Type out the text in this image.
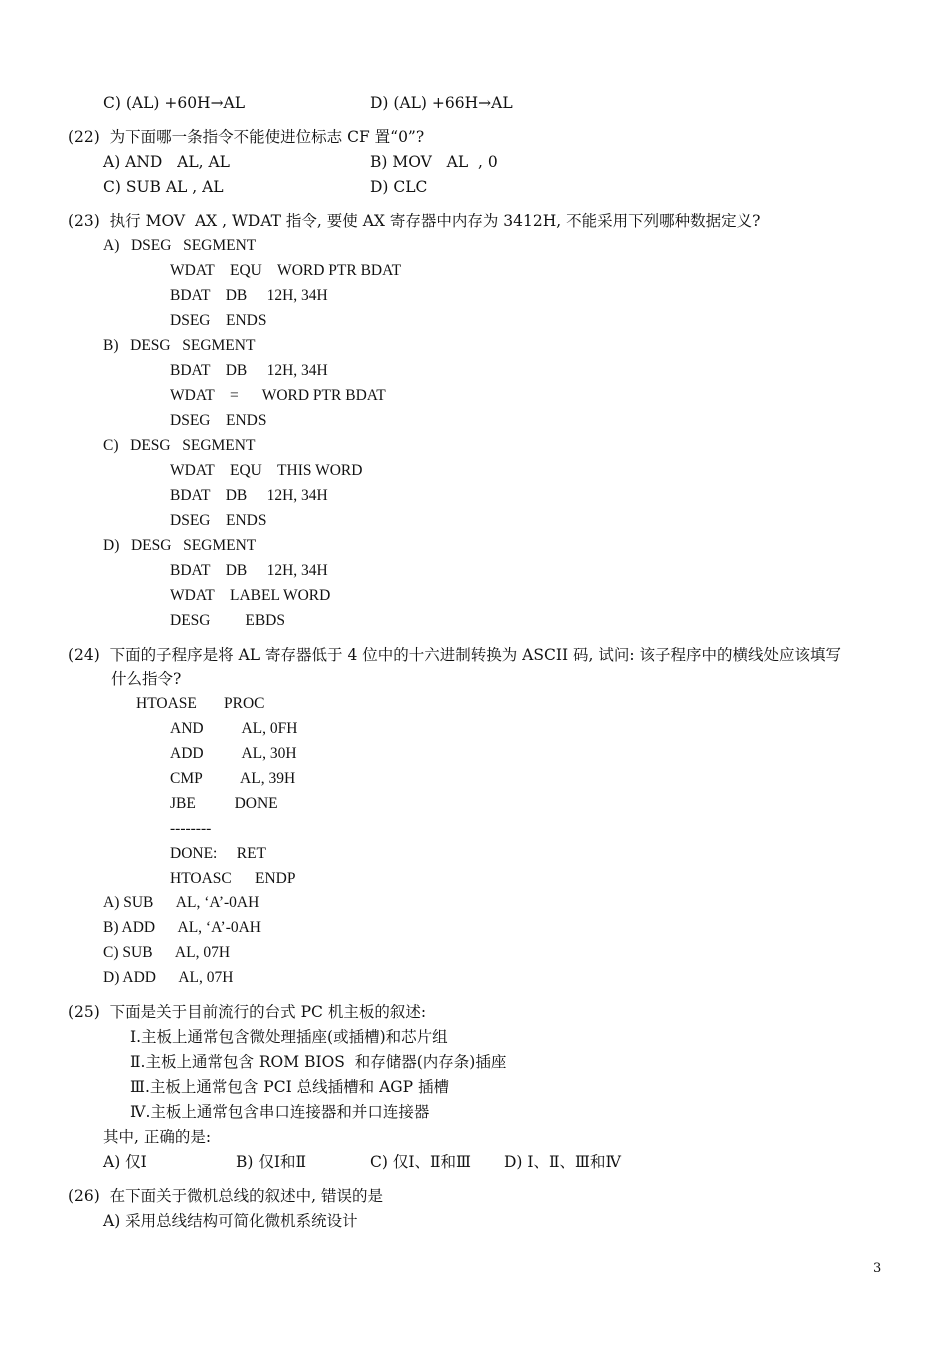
C) (AL) +60H→AL	D) (AL) +66H→AL
(22)  为下面哪一条指令不能使进位标志 CF 置“0”?
A) AND   AL, AL	B) MOV   AL  , 0
C) SUB AL , AL	D) CLC
(23)  执行 MOV  AX , WDAT 指令, 要使 AX 寄存器中内存为 3412H, 不能采用下列哪种数据定义?
A)   DSEG   SEGMENT
WDAT    EQU    WORD PTR BDAT
BDAT    DB     12H, 34H
DSEG    ENDS
B)   DESG   SEGMENT
BDAT    DB     12H, 34H
WDAT    =      WORD PTR BDAT
DSEG    ENDS
C)   DESG   SEGMENT
WDAT    EQU    THIS WORD
BDAT    DB     12H, 34H
DSEG    ENDS
D)   DESG   SEGMENT
BDAT    DB     12H, 34H
WDAT    LABEL WORD
DESG         EBDS
(24)  下面的子程序是将 AL 寄存器低于 4 位中的十六进制转换为 ASCII 码, 试问: 该子程序中的横线处应该填写
什么指令?
HTOASE       PROC
AND          AL, 0FH
ADD          AL, 30H
CMP          AL, 39H
JBE          DONE
--------
DONE:     RET
HTOASC      ENDP
A) SUB      AL, ‘A’-0AH
B) ADD      AL, ‘A’-0AH
C) SUB      AL, 07H
D) ADD      AL, 07H
(25)  下面是关于目前流行的台式 PC 机主板的叙述:
Ⅰ.主板上通常包含微处理插座(或插槽)和芯片组
Ⅱ.主板上通常包含 ROM BIOS  和存储器(内存条)插座
Ⅲ.主板上通常包含 PCI 总线插槽和 AGP 插槽
Ⅳ.主板上通常包含串口连接器和并口连接器
其中, 正确的是:
A) 仅Ⅰ	B) 仅Ⅰ和Ⅱ	C) 仅Ⅰ、Ⅱ和Ⅲ D) Ⅰ、Ⅱ、Ⅲ和Ⅳ
(26)  在下面关于微机总线的叙述中, 错误的是
A) 采用总线结构可简化微机系统设计
3
